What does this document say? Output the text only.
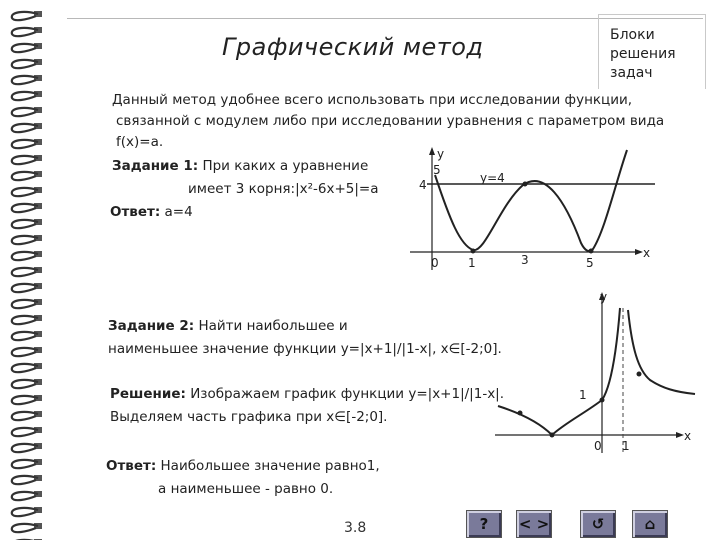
Графический метод	Блоки
решения
задач
Данный метод удобнее всего использовать при исследовании функции,
связанной с модулем либо при исследовании уравнения с параметром вида
f(x)=a.
Задание 1: При каких а уравнение
имеет 3 корня:|x²-6x+5|=a
Ответ: a=4
y
x
5
4	y=4
0 1	3	5
Задание 2: Найти наибольшее и
наименьшее значение функции y=|x+1|/|1-x|, x∈[-2;0].
Решение: Изображаем график функции y=|x+1|/|1-x|.
Выделяем часть графика при x∈[-2;0].
Ответ: Наибольшее значение равно1,
а наименьшее - равно 0.
y
x
1
0 1
3.8	?	< >	↺	⌂
